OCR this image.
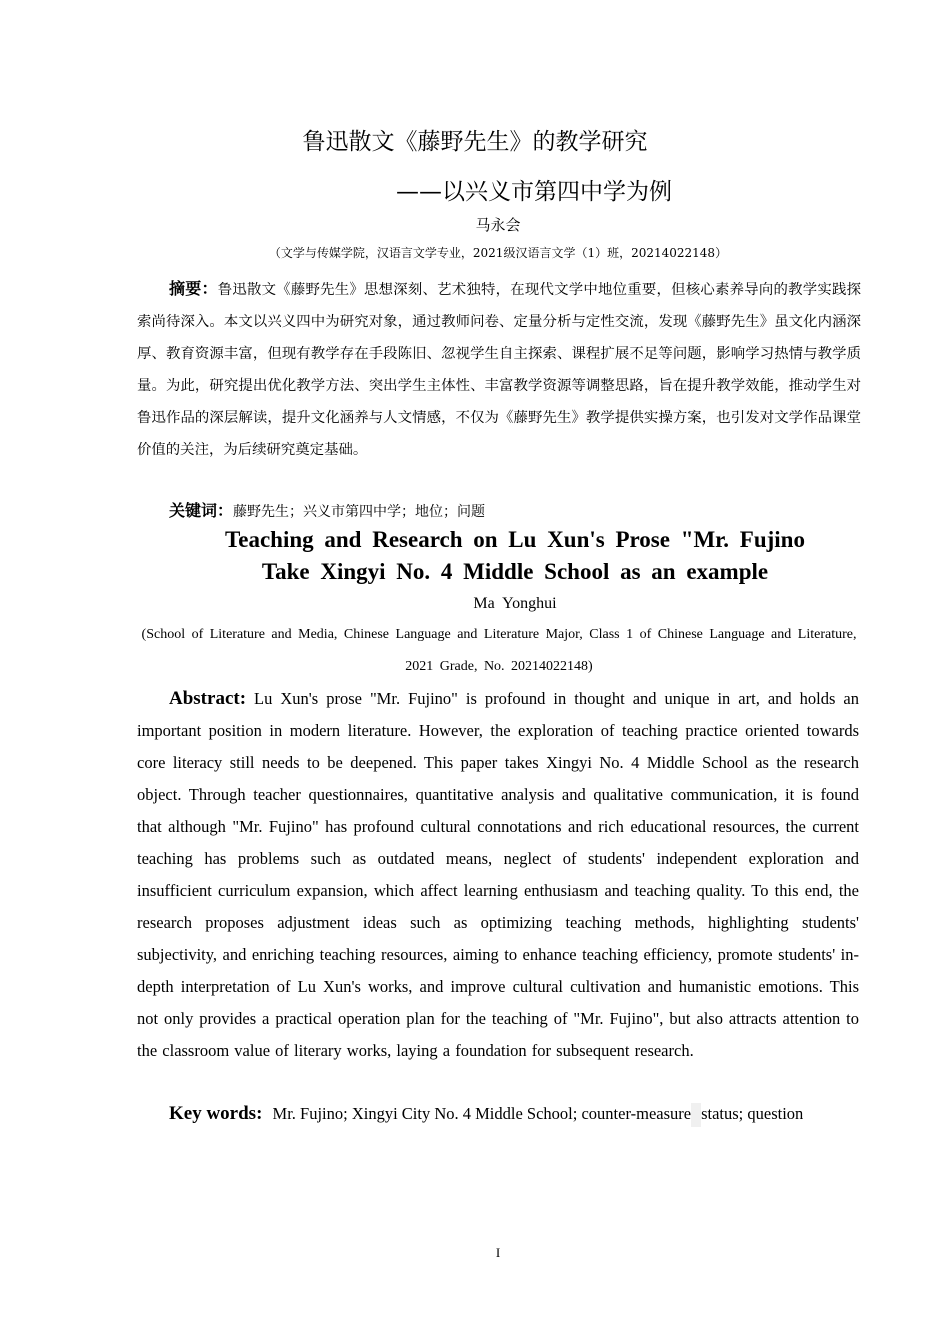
鲁迅散文《藤野先生》的教学研究
——以兴义市第四中学为例
马永会
（文学与传媒学院，汉语言文学专业，2021级汉语言文学（1）班，20214022148）

摘要：鲁迅散文《藤野先生》思想深刻、艺术独特，在现代文学中地位重要，但核心素养导向的教学实践探索尚待深入。本文以兴义四中为研究对象，通过教师问卷、定量分析与定性交流，发现《藤野先生》虽文化内涵深厚、教育资源丰富，但现有教学存在手段陈旧、忽视学生自主探索、课程扩展不足等问题，影响学习热情与教学质量。为此，研究提出优化教学方法、突出学生主体性、丰富教学资源等调整思路，旨在提升教学效能，推动学生对鲁迅作品的深层解读，提升文化涵养与人文情感，不仅为《藤野先生》教学提供实操方案，也引发对文学作品课堂价值的关注，为后续研究奠定基础。

关键词：藤野先生；兴义市第四中学；地位；问题
Teaching and Research on Lu Xun's Prose "Mr. Fujino
Take Xingyi No. 4 Middle School as an example
Ma Yonghui

(School of Literature and Media, Chinese Language and Literature Major, Class 1 of Chinese Language and Literature, 2021 Grade, No. 20214022148)

Abstract: Lu Xun's prose "Mr. Fujino" is profound in thought and unique in art, and holds an important position in modern literature. However, the exploration of teaching practice oriented towards core literacy still needs to be deepened. This paper takes Xingyi No. 4 Middle School as the research object. Through teacher questionnaires, quantitative analysis and qualitative communication, it is found that although "Mr. Fujino" has profound cultural connotations and rich educational resources, the current teaching has problems such as outdated means, neglect of students' independent exploration and insufficient curriculum expansion, which affect learning enthusiasm and teaching quality. To this end, the research proposes adjustment ideas such as optimizing teaching methods, highlighting students' subjectivity, and enriching teaching resources, aiming to enhance teaching efficiency, promote students' in-depth interpretation of Lu Xun's works, and improve cultural cultivation and humanistic emotions. This not only provides a practical operation plan for the teaching of "Mr. Fujino", but also attracts attention to the classroom value of literary works, laying a foundation for subsequent research.

Key words: Mr. Fujino; Xingyi City No. 4 Middle School; counter-measure status; question
I
